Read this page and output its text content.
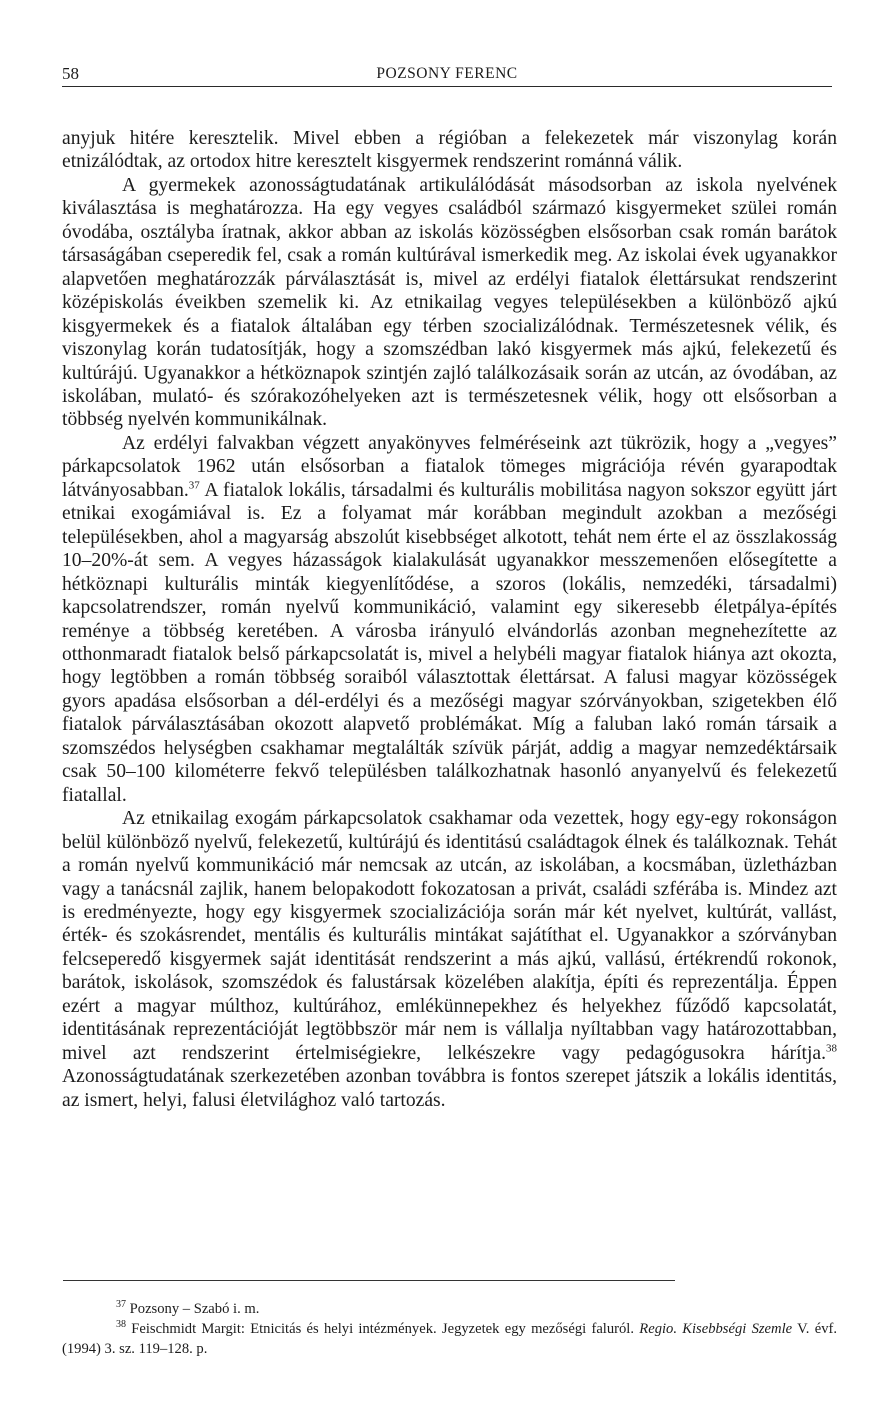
58	POZSONY FERENC

anyjuk hitére keresztelik. Mivel ebben a régióban a felekezetek már viszonylag korán etnizálódtak, az ortodox hitre keresztelt kisgyermek rendszerint románná válik.

A gyermekek azonosságtudatának artikulálódását másodsorban az iskola nyelvének kiválasztása is meghatározza. Ha egy vegyes családból származó kisgyermeket szülei román óvodába, osztályba íratnak, akkor abban az iskolás közösségben elsősorban csak román barátok társaságában cseperedik fel, csak a román kultúrával ismerkedik meg. Az iskolai évek ugyanakkor alapvetően meghatározzák párválasztását is, mivel az erdélyi fiatalok élettársukat rendszerint középiskolás éveikben szemelik ki. Az etnikailag vegyes településekben a különböző ajkú kisgyermekek és a fiatalok általában egy térben szocializálódnak. Természetesnek vélik, és viszonylag korán tudatosítják, hogy a szomszédban lakó kisgyermek más ajkú, felekezetű és kultúrájú. Ugyanakkor a hétköznapok szintjén zajló találkozásaik során az utcán, az óvodában, az iskolában, mulató- és szórakozóhelyeken azt is természetesnek vélik, hogy ott elsősorban a többség nyelvén kommunikálnak.

Az erdélyi falvakban végzett anyakönyves felméréseink azt tükrözik, hogy a „vegyes” párkapcsolatok 1962 után elsősorban a fiatalok tömeges migrációja révén gyarapodtak látványosabban.$^{37}$ A fiatalok lokális, társadalmi és kulturális mobilitása nagyon sokszor együtt járt etnikai exogámiával is. Ez a folyamat már korábban megindult azokban a mezőségi településekben, ahol a magyarság abszolút kisebbséget alkotott, tehát nem érte el az összlakosság 10–20%-át sem. A vegyes házasságok kialakulását ugyanakkor messzemenően elősegítette a hétköznapi kulturális minták kiegyenlítődése, a szoros (lokális, nemzedéki, társadalmi) kapcsolatrendszer, román nyelvű kommunikáció, valamint egy sikeresebb életpálya-építés reménye a többség keretében. A városba irányuló elvándorlás azonban megnehezítette az otthonmaradt fiatalok belső párkapcsolatát is, mivel a helybéli magyar fiatalok hiánya azt okozta, hogy legtöbben a román többség soraiból választottak élettársat. A falusi magyar közösségek gyors apadása elsősorban a dél-erdélyi és a mezőségi magyar szórványokban, szigetekben élő fiatalok párválasztásában okozott alapvető problémákat. Míg a faluban lakó román társaik a szomszédos helységben csakhamar megtalálták szívük párját, addig a magyar nemzedéktársaik csak 50–100 kilométerre fekvő településben találkozhatnak hasonló anyanyelvű és felekezetű fiatallal.

Az etnikailag exogám párkapcsolatok csakhamar oda vezettek, hogy egy-egy rokonságon belül különböző nyelvű, felekezetű, kultúrájú és identitású családtagok élnek és találkoznak. Tehát a román nyelvű kommunikáció már nemcsak az utcán, az iskolában, a kocsmában, üzletházban vagy a tanácsnál zajlik, hanem belopakodott fokozatosan a privát, családi szférába is. Mindez azt is eredményezte, hogy egy kisgyermek szocializációja során már két nyelvet, kultúrát, vallást, érték- és szokásrendet, mentális és kulturális mintákat sajátíthat el. Ugyanakkor a szórványban felcseperedő kisgyermek saját identitását rendszerint a más ajkú, vallású, értékrendű rokonok, barátok, iskolások, szomszédok és falustársak közelében alakítja, építi és reprezentálja. Éppen ezért a magyar múlthoz, kultúrához, emlékünnepekhez és helyekhez fűződő kapcsolatát, identitásának reprezentációját legtöbbször már nem is vállalja nyíltabban vagy határozottabban, mivel azt rendszerint értelmiségiekre, lelkészekre vagy pedagógusokra hárítja.$^{38}$ Azonosságtudatának szerkezetében azonban továbbra is fontos szerepet játszik a lokális identitás, az ismert, helyi, falusi életvilághoz való tartozás.

$^{37}$ Pozsony – Szabó i. m.

$^{38}$ Feischmidt Margit: Etnicitás és helyi intézmények. Jegyzetek egy mezőségi faluról. Regio. Kisebbségi Szemle V. évf. (1994) 3. sz. 119–128. p.
